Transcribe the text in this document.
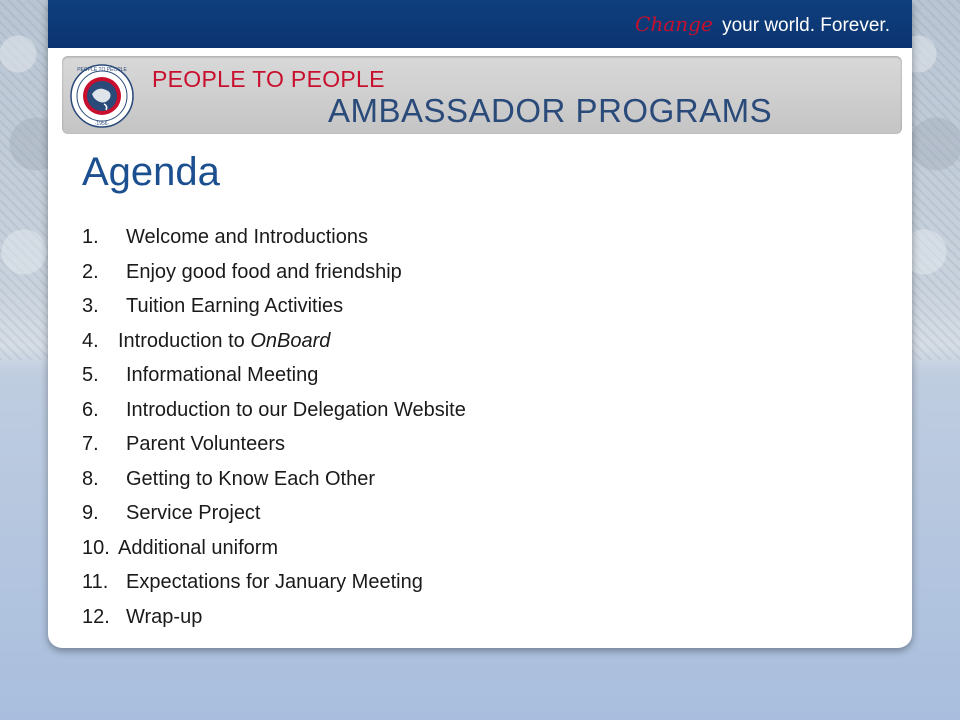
Change your world. Forever.
PEOPLE TO PEOPLE
·1956·
PEOPLE TO PEOPLE
AMBASSADOR PROGRAMS
Agenda
1. Welcome and Introductions
2. Enjoy good food and friendship
3. Tuition Earning Activities
4. Introduction to OnBoard
5. Informational Meeting
6. Introduction to our Delegation Website
7. Parent Volunteers
8. Getting to Know Each Other
9. Service Project
10. Additional uniform
11. Expectations for January Meeting
12. Wrap-up
